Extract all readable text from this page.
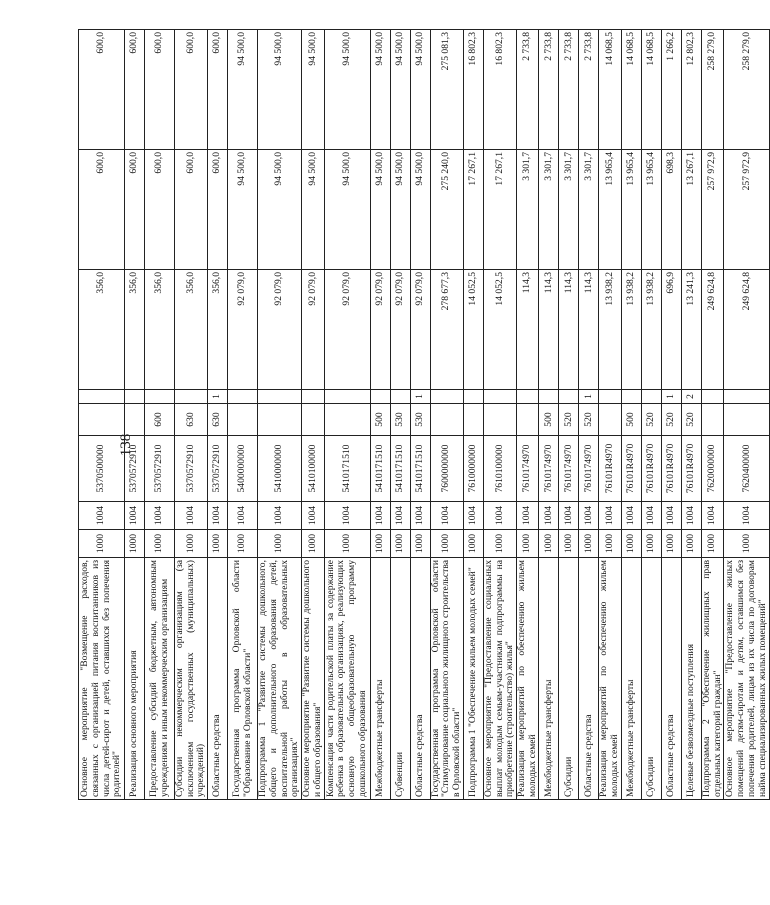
138
Основное мероприятие "Возмещение расходов, связанных с организацией питания воспитанников из числа детей-сирот и детей, оставшихся без попечения родителей"	1000	1004	5370500000			356,0	600,0	600,0
Реализация основного мероприятия	1000	1004	5370572910			356,0	600,0	600,0
Предоставление субсидий бюджетным, автономным учреждениям и иным некоммерческим организациям	1000	1004	5370572910	600		356,0	600,0	600,0
Субсидии некоммерческим организациям (за исключением государственных (муниципальных) учреждений)	1000	1004	5370572910	630		356,0	600,0	600,0
Областные средства	1000	1004	5370572910	630	1	356,0	600,0	600,0
Государственная программа Орловской области "Образование в Орловской области"	1000	1004	5400000000			92 079,0	94 500,0	94 500,0
Подпрограмма 1 "Развитие системы дошкольного, общего и дополнительного образования детей, воспитательной работы в образовательных организациях"	1000	1004	5410000000			92 079,0	94 500,0	94 500,0
Основное мероприятие "Развитие системы дошкольного и общего образования"	1000	1004	5410100000			92 079,0	94 500,0	94 500,0
Компенсация части родительской платы за содержание ребенка в образовательных организациях, реализующих основную общеобразовательную программу дошкольного образования	1000	1004	5410171510			92 079,0	94 500,0	94 500,0
Межбюджетные трансферты	1000	1004	5410171510	500		92 079,0	94 500,0	94 500,0
Субвенции	1000	1004	5410171510	530		92 079,0	94 500,0	94 500,0
Областные средства	1000	1004	5410171510	530	1	92 079,0	94 500,0	94 500,0
Государственная программа Орловской области "Стимулирование социального жилищного строительства в Орловской области"	1000	1004	7600000000			278 677,3	275 240,0	275 081,3
Подпрограмма 1 "Обеспечение жильем молодых семей"	1000	1004	7610000000			14 052,5	17 267,1	16 802,3
Основное мероприятие "Предоставление социальных выплат молодым семьям-участникам подпрограммы на приобретение (строительство) жилья"	1000	1004	7610100000			14 052,5	17 267,1	16 802,3
Реализация мероприятий по обеспечению жильем молодых семей	1000	1004	7610174970			114,3	3 301,7	2 733,8
Межбюджетные трансферты	1000	1004	7610174970	500		114,3	3 301,7	2 733,8
Субсидии	1000	1004	7610174970	520		114,3	3 301,7	2 733,8
Областные средства	1000	1004	7610174970	520	1	114,3	3 301,7	2 733,8
Реализация мероприятий по обеспечению жильем молодых семей	1000	1004	76101R4970			13 938,2	13 965,4	14 068,5
Межбюджетные трансферты	1000	1004	76101R4970	500		13 938,2	13 965,4	14 068,5
Субсидии	1000	1004	76101R4970	520		13 938,2	13 965,4	14 068,5
Областные средства	1000	1004	76101R4970	520	1	696,9	698,3	1 266,2
Целевые безвозмездные поступления	1000	1004	76101R4970	520	2	13 241,3	13 267,1	12 802,3
Подпрограмма 2 "Обеспечение жилищных прав отдельных категорий граждан"	1000	1004	7620000000			249 624,8	257 972,9	258 279,0
Основное мероприятие "Предоставление жилых помещений детям-сиротам и детям, оставшимся без попечения родителей, лицам из их числа по договорам найма специализированных жилых помещений"	1000	1004	7620400000			249 624,8	257 972,9	258 279,0
